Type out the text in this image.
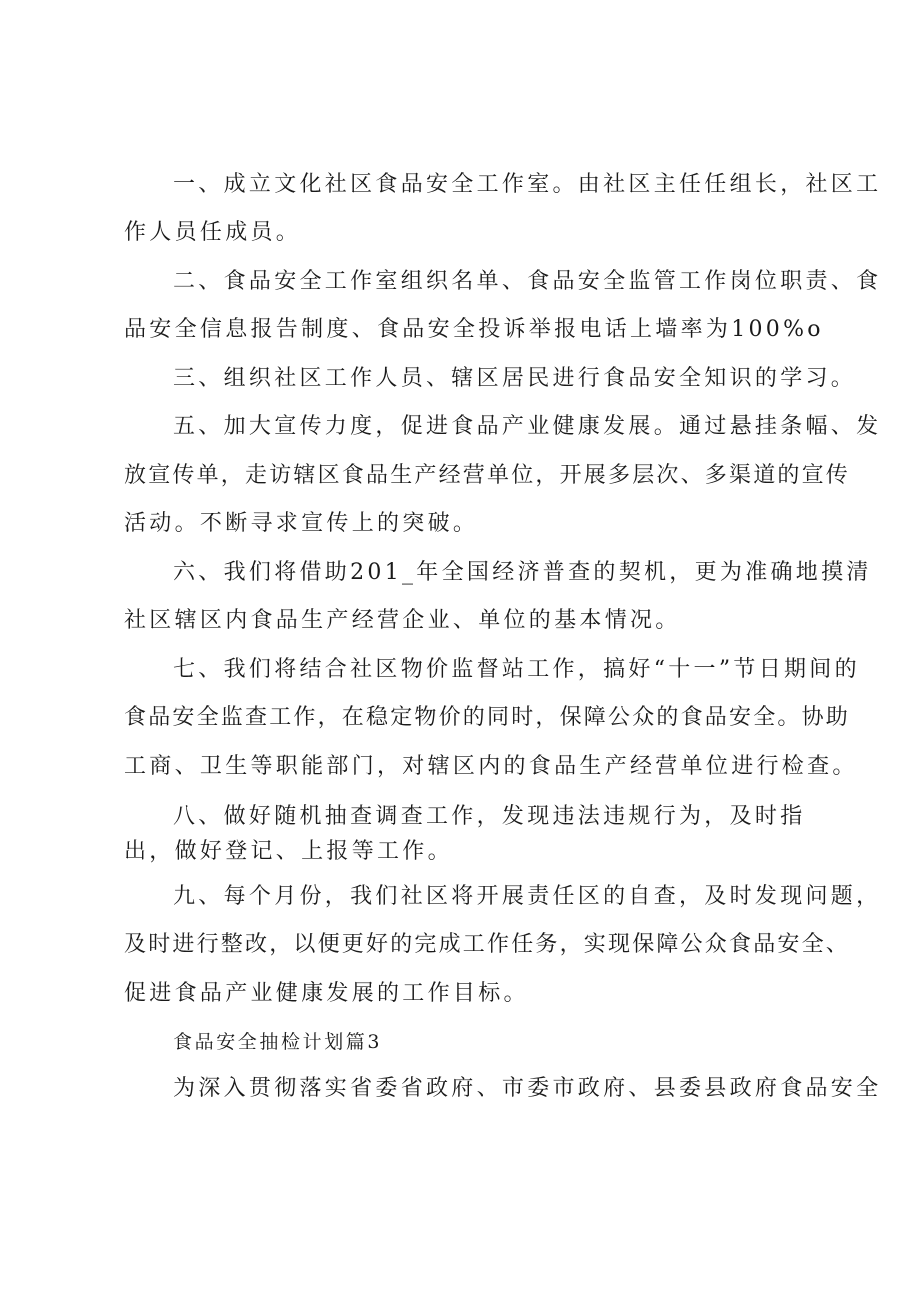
一、成立文化社区食品安全工作室。由社区主任任组长，社区工
作人员任成员。
二、食品安全工作室组织名单、食品安全监管工作岗位职责、食
品安全信息报告制度、食品安全投诉举报电话上墙率为100%o
三、组织社区工作人员、辖区居民进行食品安全知识的学习。
五、加大宣传力度，促进食品产业健康发展。通过悬挂条幅、发
放宣传单，走访辖区食品生产经营单位，开展多层次、多渠道的宣传
活动。不断寻求宣传上的突破。
六、我们将借助201_年全国经济普查的契机，更为准确地摸清
社区辖区内食品生产经营企业、单位的基本情况。
七、我们将结合社区物价监督站工作，搞好“十一”节日期间的
食品安全监查工作，在稳定物价的同时，保障公众的食品安全。协助
工商、卫生等职能部门，对辖区内的食品生产经营单位进行检查。
八、做好随机抽查调查工作，发现违法违规行为，及时指
出，做好登记、上报等工作。
九、每个月份，我们社区将开展责任区的自查，及时发现问题，
及时进行整改，以便更好的完成工作任务，实现保障公众食品安全、
促进食品产业健康发展的工作目标。
食品安全抽检计划篇3
为深入贯彻落实省委省政府、市委市政府、县委县政府食品安全
